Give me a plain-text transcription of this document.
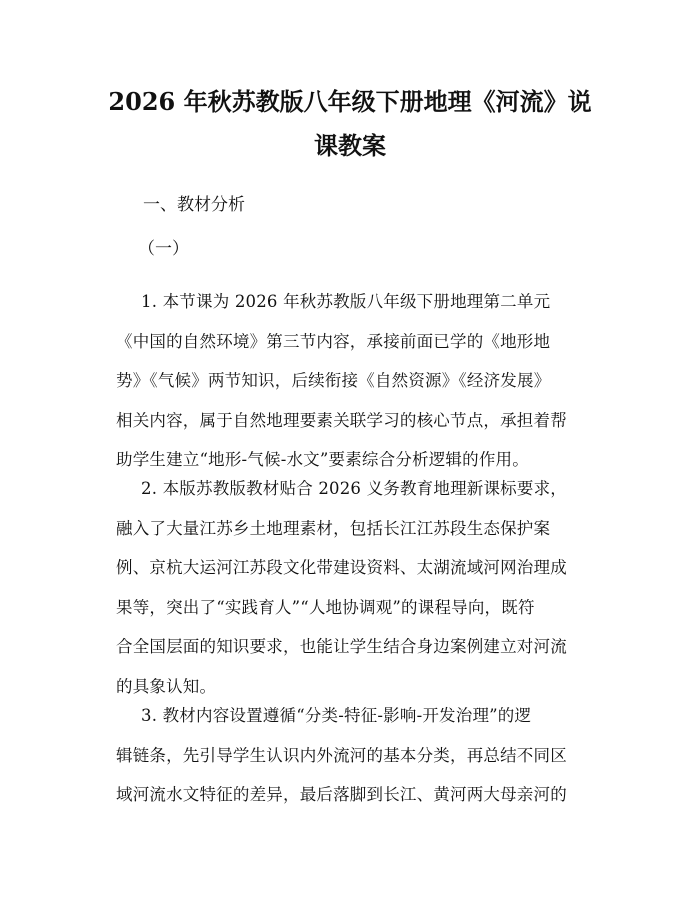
2026 年秋苏教版八年级下册地理《河流》说
课教案
一、教材分析
（一）
1. 本节课为 2026 年秋苏教版八年级下册地理第二单元
《中国的自然环境》第三节内容，承接前面已学的《地形地
势》《气候》两节知识，后续衔接《自然资源》《经济发展》
相关内容，属于自然地理要素关联学习的核心节点，承担着帮
助学生建立“地形-气候-水文”要素综合分析逻辑的作用。
2. 本版苏教版教材贴合 2026 义务教育地理新课标要求，
融入了大量江苏乡土地理素材，包括长江江苏段生态保护案
例、京杭大运河江苏段文化带建设资料、太湖流域河网治理成
果等，突出了“实践育人”“人地协调观”的课程导向，既符
合全国层面的知识要求，也能让学生结合身边案例建立对河流
的具象认知。
3. 教材内容设置遵循“分类-特征-影响-开发治理”的逻
辑链条，先引导学生认识内外流河的基本分类，再总结不同区
域河流水文特征的差异，最后落脚到长江、黄河两大母亲河的
